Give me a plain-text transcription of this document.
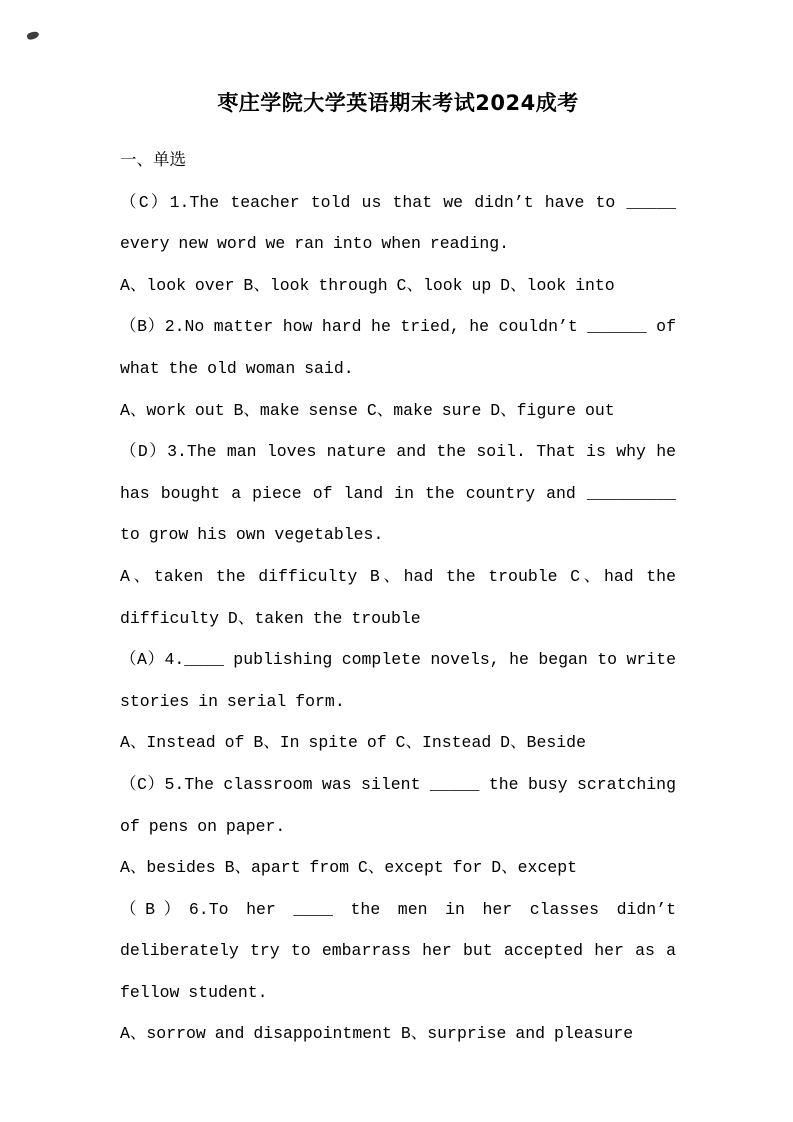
枣庄学院大学英语期末考试2024成考

一、单选

（C）1.The teacher told us that we didn’t have to _____ every new word we ran into when reading.

A、look over B、look through C、look up D、look into

（B）2.No matter how hard he tried, he couldn’t ______ of what the old woman said.

A、work out B、make sense C、make sure D、figure out

（D）3.The man loves nature and the soil. That is why he has bought a piece of land in the country and _________ to grow his own vegetables.

A、taken the difficulty B、had the trouble C、had the difficulty D、taken the trouble

（A）4.____ publishing complete novels, he began to write stories in serial form.

A、Instead of B、In spite of C、Instead D、Beside

（C）5.The classroom was silent _____ the busy scratching of pens on paper.

A、besides B、apart from C、except for D、except

（B）6.To her ____ the men in her classes didn’t deliberately try to embarrass her but accepted her as a fellow student.

A、sorrow and disappointment B、surprise and pleasure
